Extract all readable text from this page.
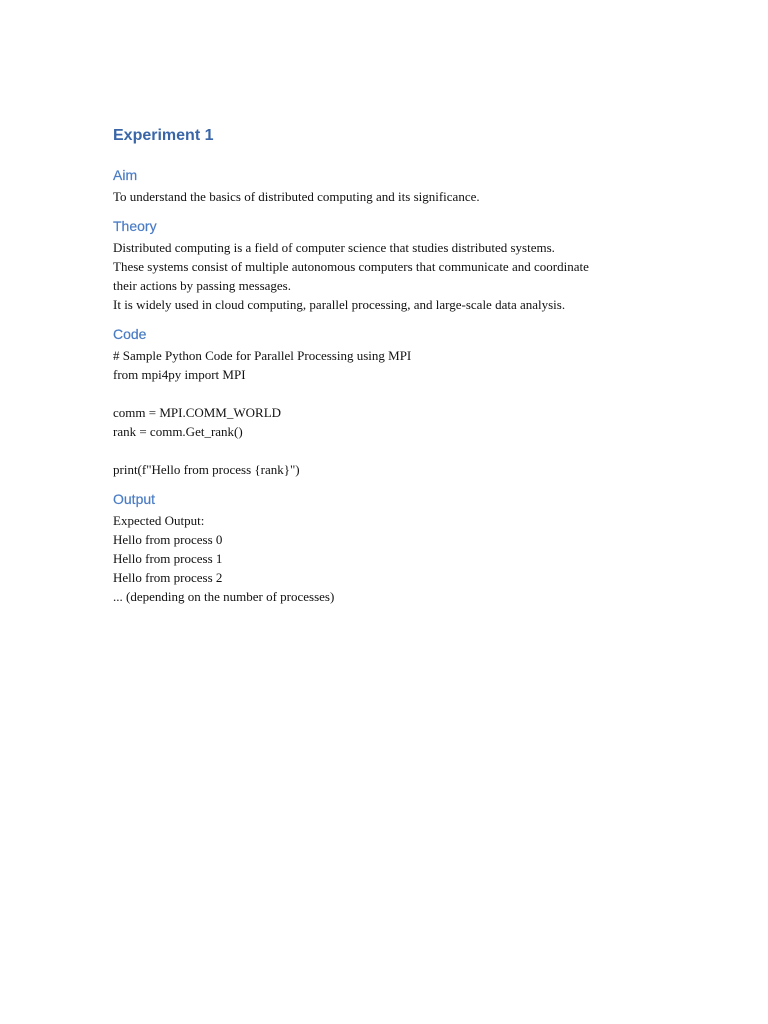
Experiment 1
Aim

To understand the basics of distributed computing and its significance.

Theory

Distributed computing is a field of computer science that studies distributed systems.

These systems consist of multiple autonomous computers that communicate and coordinate

their actions by passing messages.

It is widely used in cloud computing, parallel processing, and large-scale data analysis.

Code

# Sample Python Code for Parallel Processing using MPI

from mpi4py import MPI

comm = MPI.COMM_WORLD

rank = comm.Get_rank()

print(f"Hello from process {rank}")

Output

Expected Output:

Hello from process 0

Hello from process 1

Hello from process 2

... (depending on the number of processes)
